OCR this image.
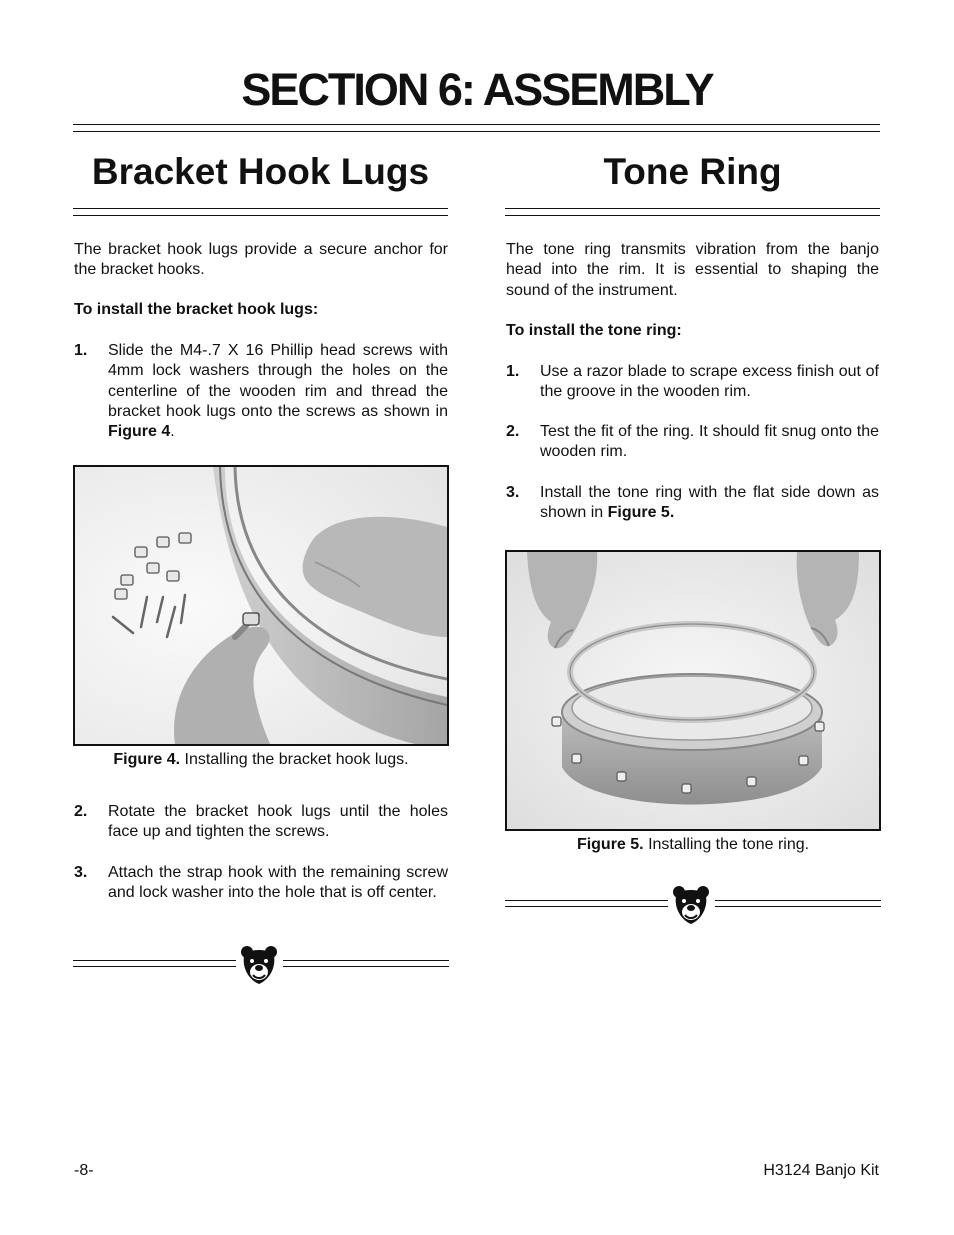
SECTION 6: ASSEMBLY
Bracket Hook Lugs
The bracket hook lugs provide a secure anchor for the bracket hooks.
To install the bracket hook lugs:
1. Slide the M4-.7 X 16 Phillip head screws with 4mm lock washers through the holes on the centerline of the wooden rim and thread the bracket hook lugs onto the screws as shown in Figure 4.
Figure 4. Installing the bracket hook lugs.
2. Rotate the bracket hook lugs until the holes face up and tighten the screws.
3. Attach the strap hook with the remaining screw and lock washer into the hole that is off center.
Tone Ring
The tone ring transmits vibration from the banjo head into the rim. It is essential to shaping the sound of the instrument.
To install the tone ring:
1. Use a razor blade to scrape excess finish out of the groove in the wooden rim.
2. Test the fit of the ring. It should fit snug onto the wooden rim.
3. Install the tone ring with the flat side down as shown in Figure 5.
Figure 5. Installing the tone ring.
-8-	H3124 Banjo Kit
